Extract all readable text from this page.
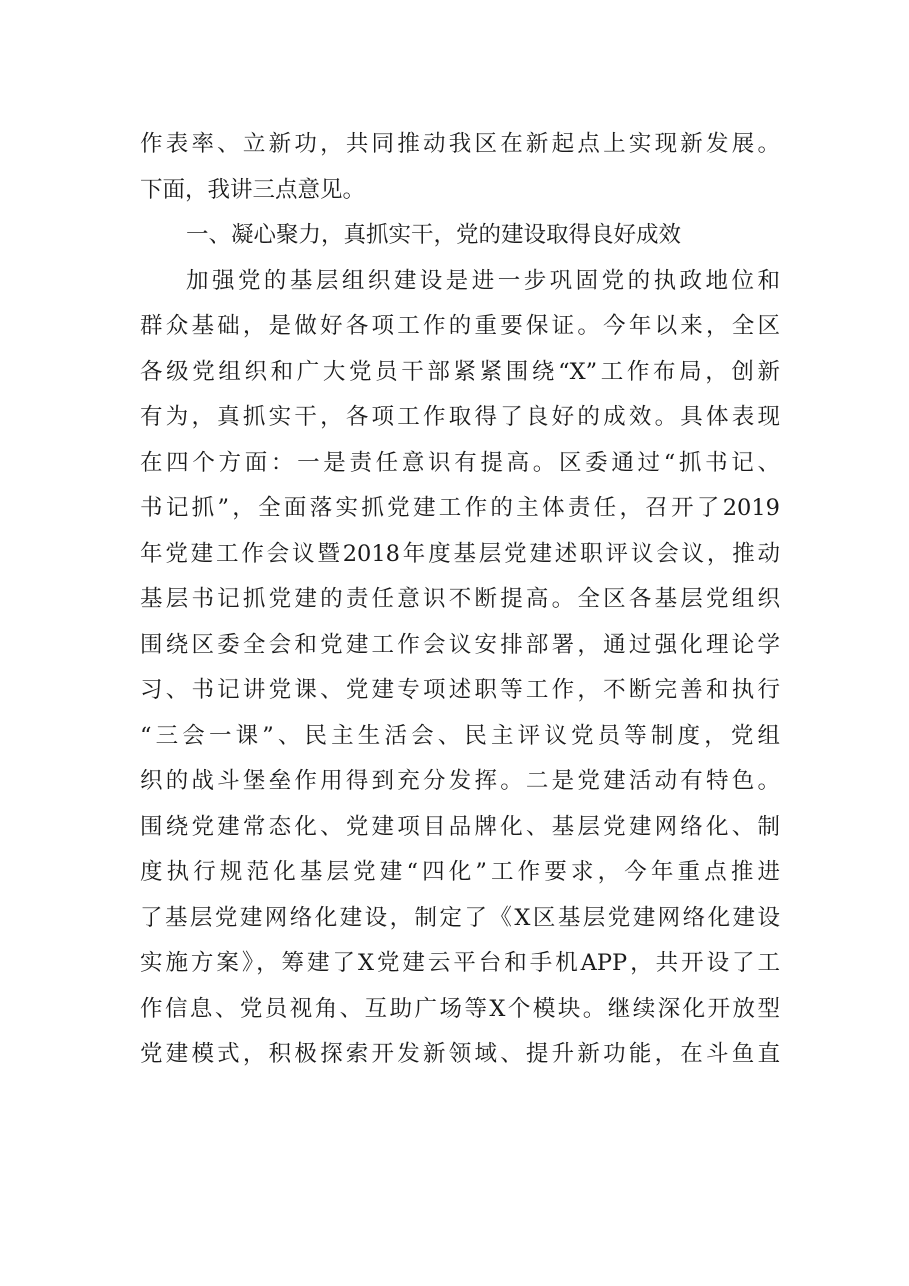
作表率、立新功，共同推动我区在新起点上实现新发展。
下面，我讲三点意见。
一、凝心聚力，真抓实干，党的建设取得良好成效
加强党的基层组织建设是进一步巩固党的执政地位和
群众基础，是做好各项工作的重要保证。今年以来，全区
各级党组织和广大党员干部紧紧围绕“X”工作布局，创新
有为，真抓实干，各项工作取得了良好的成效。具体表现
在四个方面：一是责任意识有提高。区委通过“抓书记、
书记抓”，全面落实抓党建工作的主体责任，召开了2019
年党建工作会议暨2018年度基层党建述职评议会议，推动
基层书记抓党建的责任意识不断提高。全区各基层党组织
围绕区委全会和党建工作会议安排部署，通过强化理论学
习、书记讲党课、党建专项述职等工作，不断完善和执行
“三会一课”、民主生活会、民主评议党员等制度，党组
织的战斗堡垒作用得到充分发挥。二是党建活动有特色。
围绕党建常态化、党建项目品牌化、基层党建网络化、制
度执行规范化基层党建“四化”工作要求，今年重点推进
了基层党建网络化建设，制定了《X区基层党建网络化建设
实施方案》，筹建了X党建云平台和手机APP，共开设了工
作信息、党员视角、互助广场等X个模块。继续深化开放型
党建模式，积极探索开发新领域、提升新功能，在斗鱼直
